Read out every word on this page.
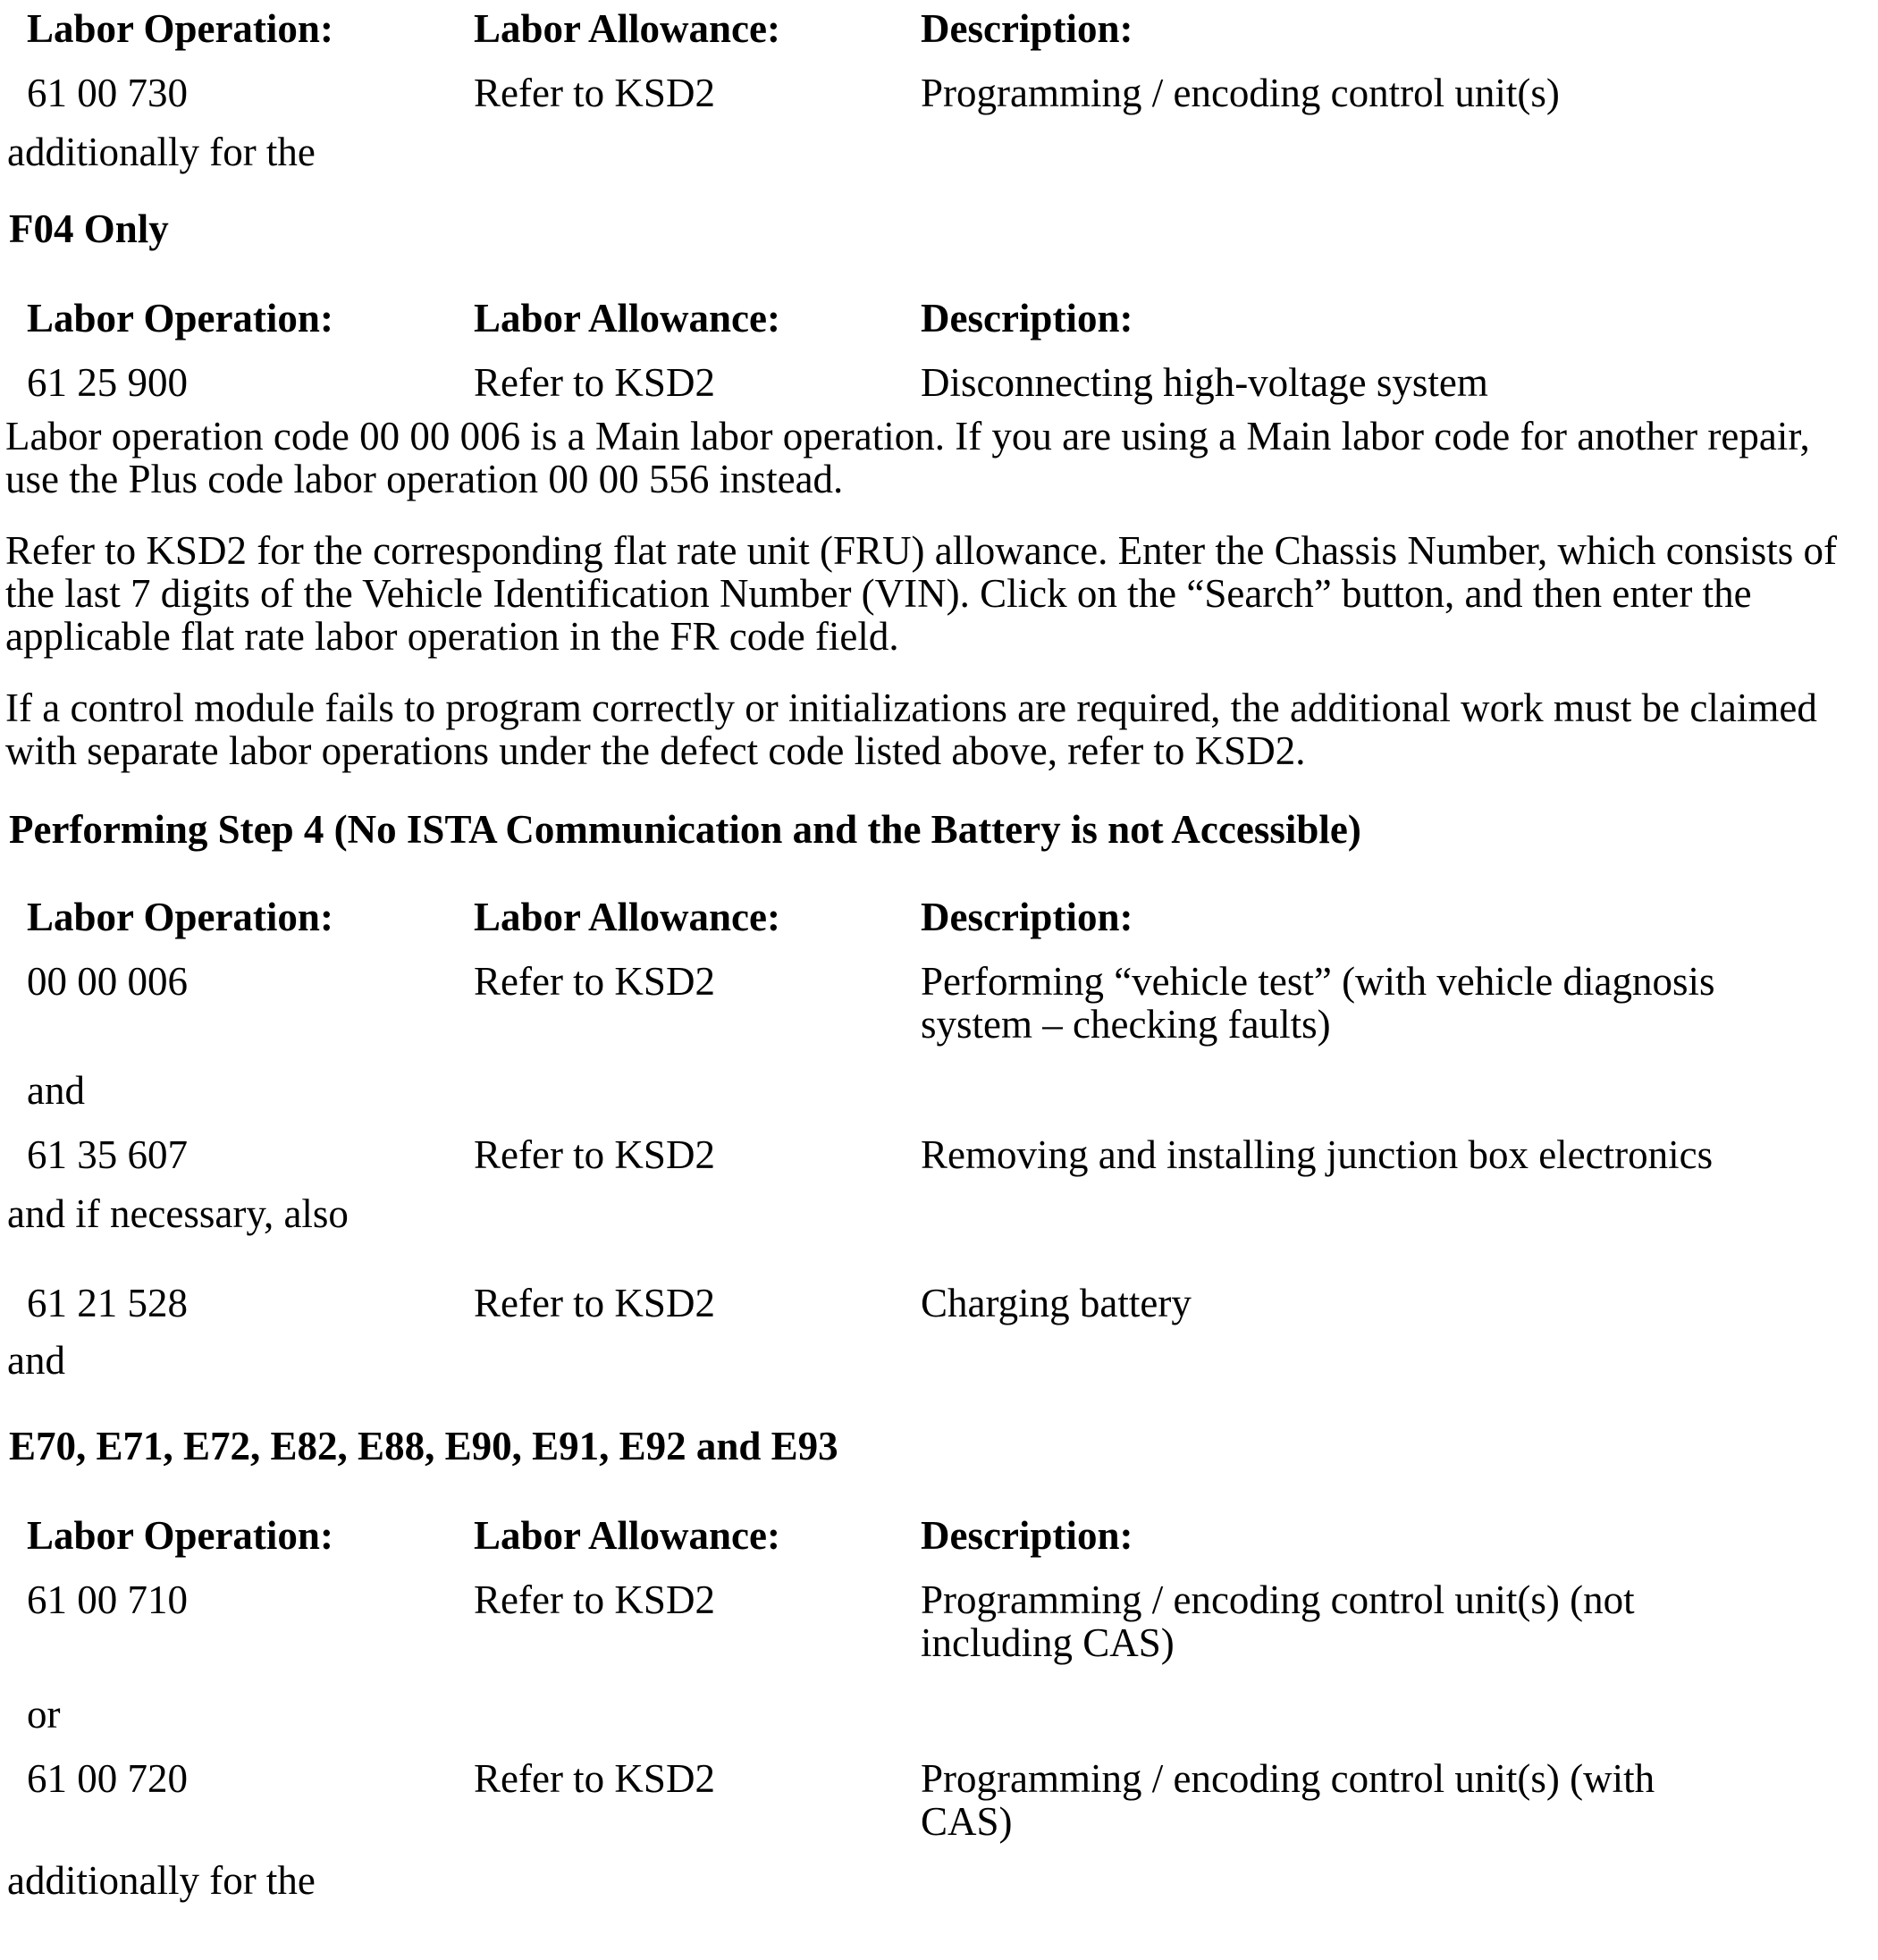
Labor Operation:	Labor Allowance:	Description:
61 00 730	Refer to KSD2	Programming / encoding control unit(s)

additionally for the

F04 Only
Labor Operation:	Labor Allowance:	Description:
61 25 900	Refer to KSD2	Disconnecting high-voltage system

Labor operation code 00 00 006 is a Main labor operation. If you are using a Main labor code for another repair, use the Plus code labor operation 00 00 556 instead.

Refer to KSD2 for the corresponding flat rate unit (FRU) allowance. Enter the Chassis Number, which consists of the last 7 digits of the Vehicle Identification Number (VIN). Click on the “Search” button, and then enter the applicable flat rate labor operation in the FR code field.

If a control module fails to program correctly or initializations are required, the additional work must be claimed with separate labor operations under the defect code listed above, refer to KSD2.

Performing Step 4 (No ISTA Communication and the Battery is not Accessible)
Labor Operation:	Labor Allowance:	Description:
00 00 006	Refer to KSD2	Performing “vehicle test” (with vehicle diagnosis system – checking faults)

and

61 35 607	Refer to KSD2	Removing and installing junction box electronics

and if necessary, also

61 21 528	Refer to KSD2	Charging battery

and

E70, E71, E72, E82, E88, E90, E91, E92 and E93
Labor Operation:	Labor Allowance:	Description:
61 00 710	Refer to KSD2	Programming / encoding control unit(s) (not including CAS)

or

61 00 720	Refer to KSD2	Programming / encoding control unit(s) (with CAS)

additionally for the
